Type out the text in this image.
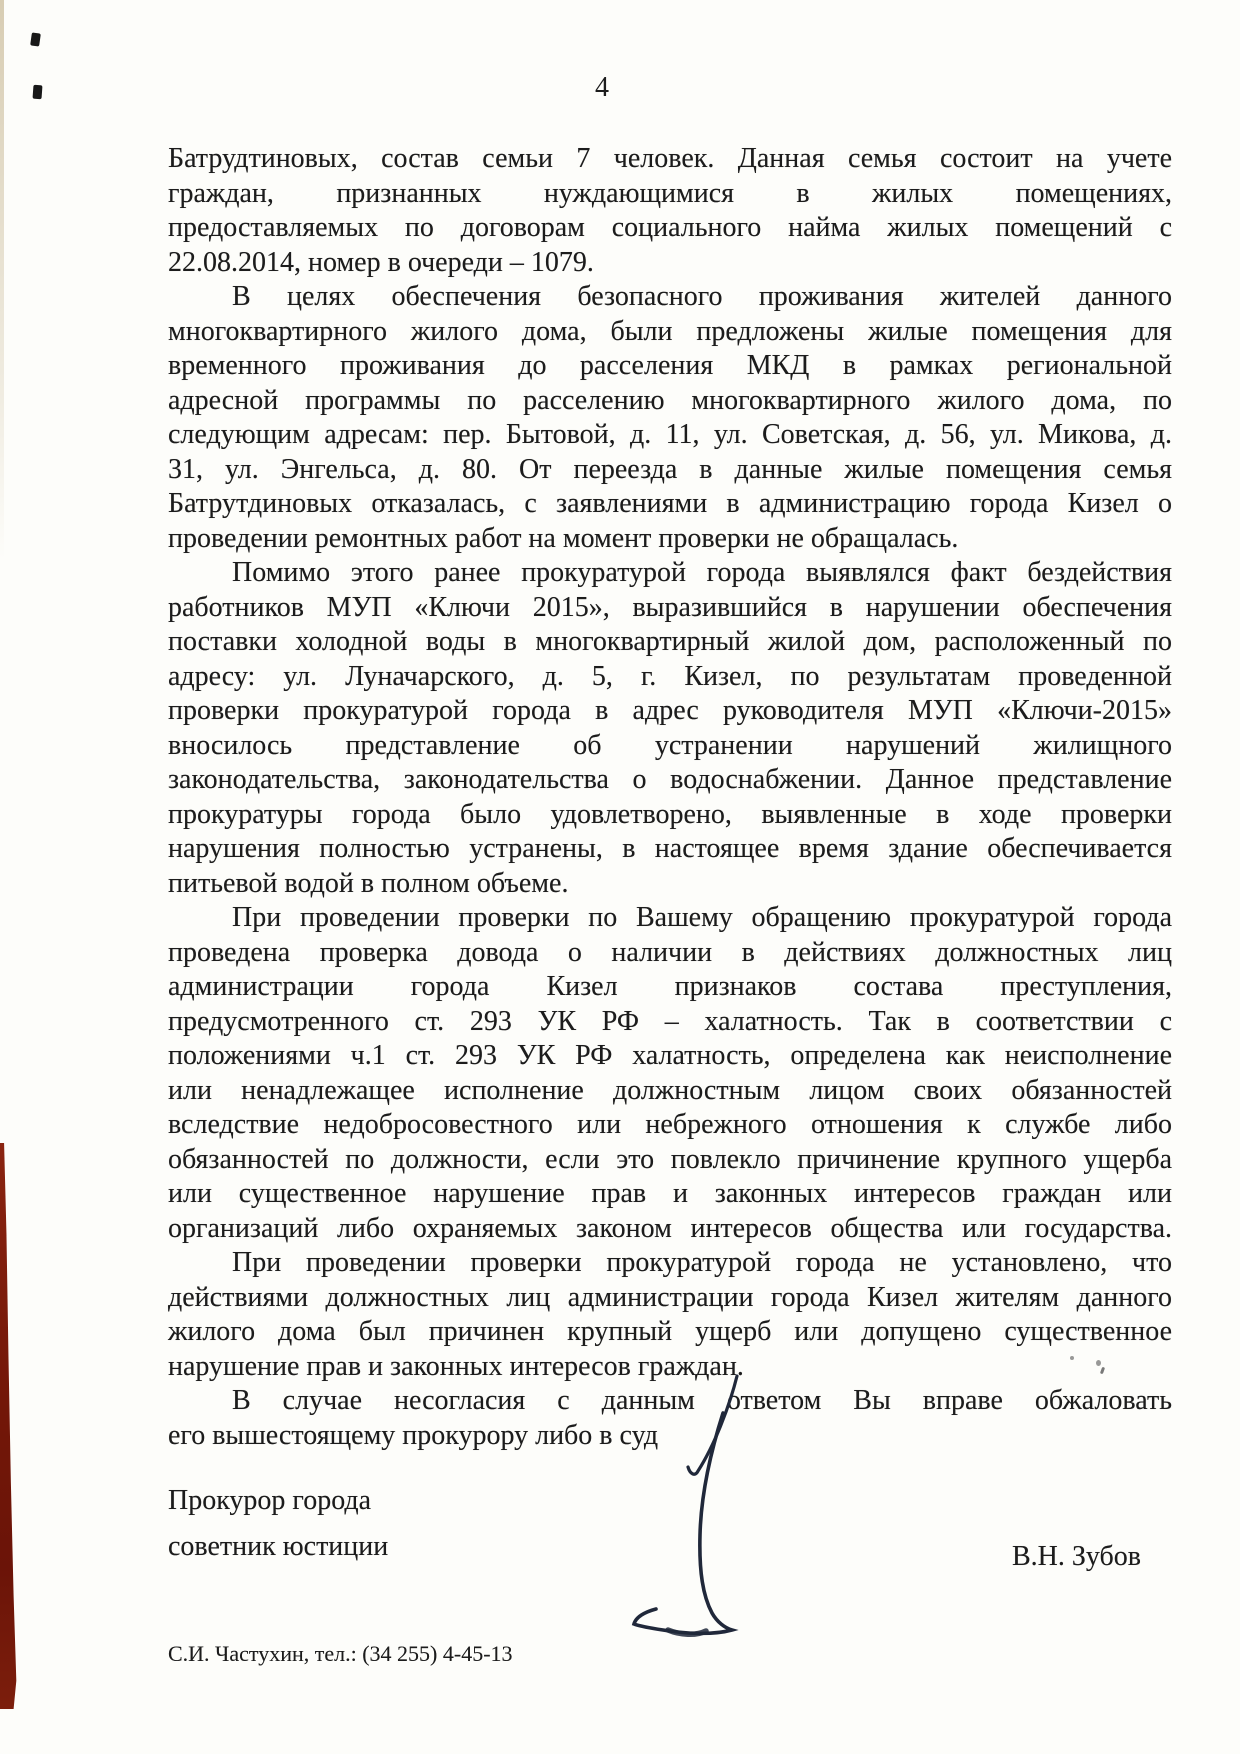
4
Батрудтиновых, состав семьи 7 человек. Данная семья состоит на учете
граждан, признанных нуждающимися в жилых помещениях,
предоставляемых по договорам социального найма жилых помещений с
22.08.2014, номер в очереди – 1079.
В целях обеспечения безопасного проживания жителей данного
многоквартирного жилого дома, были предложены жилые помещения для
временного проживания до расселения МКД в рамках региональной
адресной программы по расселению многоквартирного жилого дома, по
следующим адресам: пер. Бытовой, д. 11, ул. Советская, д. 56, ул. Микова, д.
31, ул. Энгельса, д. 80. От переезда в данные жилые помещения семья
Батрутдиновых отказалась, с заявлениями в администрацию города Кизел о
проведении ремонтных работ на момент проверки не обращалась.
Помимо этого ранее прокуратурой города выявлялся факт бездействия
работников МУП «Ключи 2015», выразившийся в нарушении обеспечения
поставки холодной воды в многоквартирный жилой дом, расположенный по
адресу: ул. Луначарского, д. 5, г. Кизел, по результатам проведенной
проверки прокуратурой города в адрес руководителя МУП «Ключи-2015»
вносилось представление об устранении нарушений жилищного
законодательства, законодательства о водоснабжении. Данное представление
прокуратуры города было удовлетворено, выявленные в ходе проверки
нарушения полностью устранены, в настоящее время здание обеспечивается
питьевой водой в полном объеме.
При проведении проверки по Вашему обращению прокуратурой города
проведена проверка довода о наличии в действиях должностных лиц
администрации города Кизел признаков состава преступления,
предусмотренного ст. 293 УК РФ – халатность. Так в соответствии с
положениями ч.1 ст. 293 УК РФ халатность, определена как неисполнение
или ненадлежащее исполнение должностным лицом своих обязанностей
вследствие недобросовестного или небрежного отношения к службе либо
обязанностей по должности, если это повлекло причинение крупного ущерба
или существенное нарушение прав и законных интересов граждан или
организаций либо охраняемых законом интересов общества или государства.
При проведении проверки прокуратурой города не установлено, что
действиями должностных лиц администрации города Кизел жителям данного
жилого дома был причинен крупный ущерб или допущено существенное
нарушение прав и законных интересов граждан.
В случае несогласия с данным ответом Вы вправе обжаловать
его вышестоящему прокурору либо в суд
Прокурор города
советник юстиции	В.Н. Зубов
С.И. Частухин, тел.: (34 255) 4-45-13
